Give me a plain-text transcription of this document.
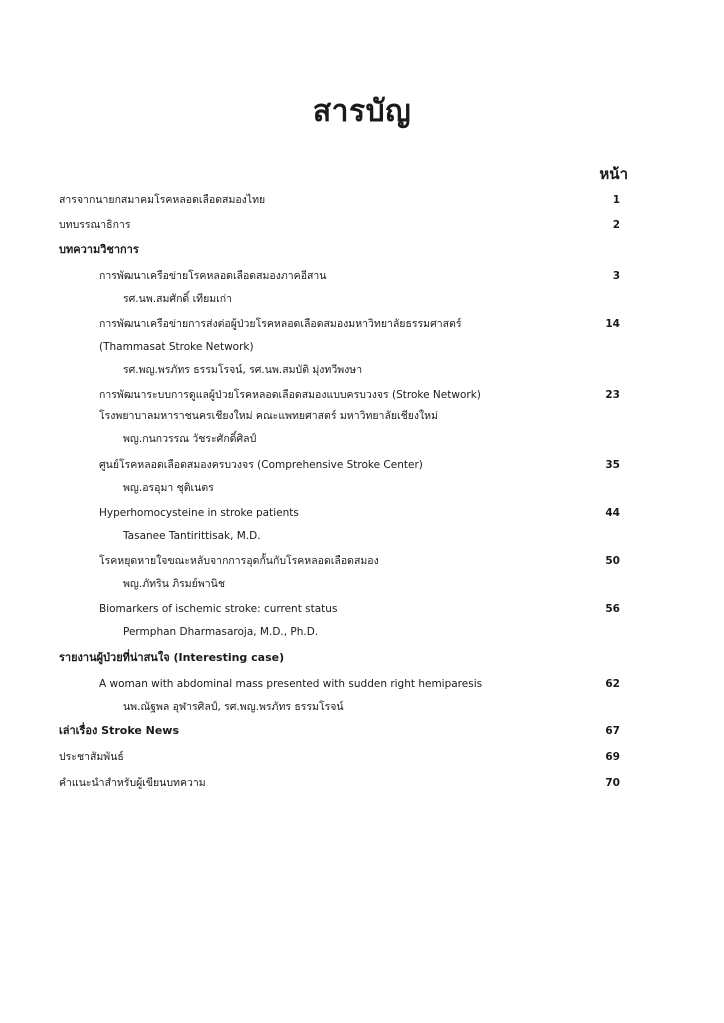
สารบัญ
หน้า
สารจากนายกสมาคมโรคหลอดเลือดสมองไทย	1
บทบรรณาธิการ	2
บทความวิชาการ
การพัฒนาเครือข่ายโรคหลอดเลือดสมองภาคอีสาน	3
รศ.นพ.สมศักดิ์ เทียมเก่า
การพัฒนาเครือข่ายการส่งต่อผู้ป่วยโรคหลอดเลือดสมองมหาวิทยาลัยธรรมศาสตร์	14
(Thammasat Stroke Network)
รศ.พญ.พรภัทร ธรรมโรจน์, รศ.นพ.สมบัติ มุ่งทวีพงษา
การพัฒนาระบบการดูแลผู้ป่วยโรคหลอดเลือดสมองแบบครบวงจร (Stroke Network)	23
โรงพยาบาลมหาราชนครเชียงใหม่ คณะแพทยศาสตร์ มหาวิทยาลัยเชียงใหม่
พญ.กนกวรรณ วัชระศักดิ์ศิลป์
ศูนย์โรคหลอดเลือดสมองครบวงจร (Comprehensive Stroke Center)	35
พญ.อรอุมา ชุติเนตร
Hyperhomocysteine in stroke patients	44
Tasanee Tantirittisak, M.D.
โรคหยุดหายใจขณะหลับจากการอุดกั้นกับโรคหลอดเลือดสมอง	50
พญ.ภัทริน ภิรมย์พานิช
Biomarkers of ischemic stroke: current status	56
Permphan Dharmasaroja, M.D., Ph.D.
รายงานผู้ป่วยที่น่าสนใจ (Interesting case)
A woman with abdominal mass presented with sudden right hemiparesis	62
นพ.ณัฐพล อุฬารศิลป์, รศ.พญ.พรภัทร ธรรมโรจน์
เล่าเรื่อง Stroke News	67
ประชาสัมพันธ์	69
คำแนะนำสำหรับผู้เขียนบทความ	70
